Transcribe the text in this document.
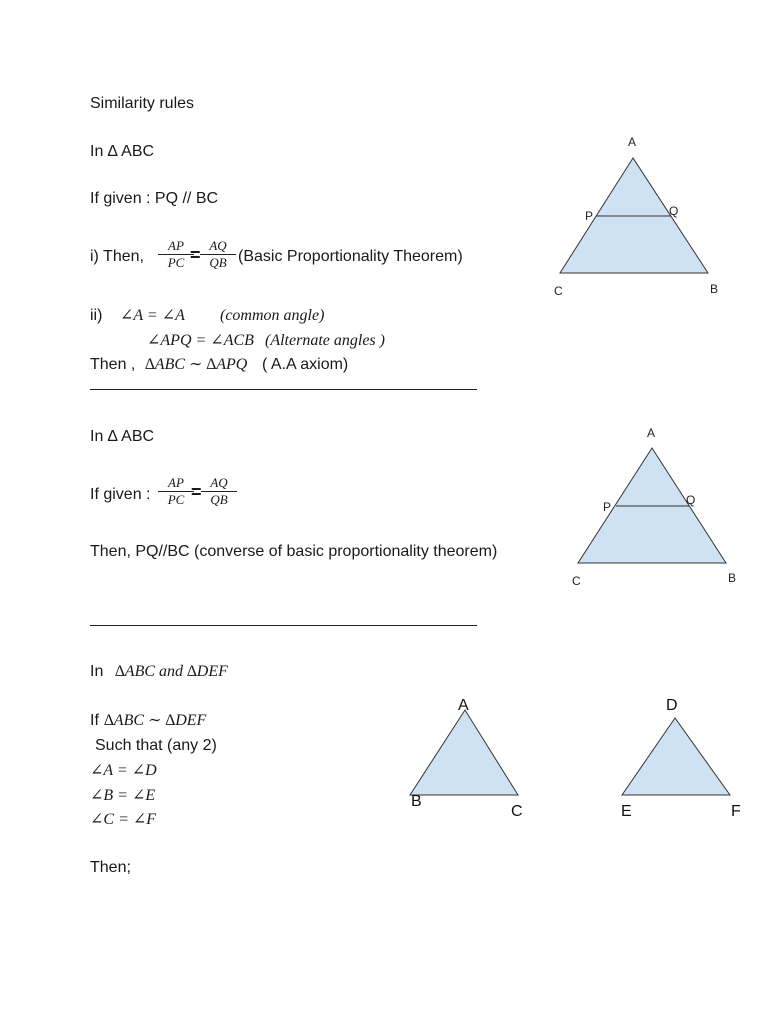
Similarity rules
In ∆ ABC
If given : PQ // BC
i) Then, $\frac{AP}{PC}$
= $\frac{AQ}{QB}$ (Basic Proportionality Theorem)
ii) ∠A = ∠A (common angle)
∠APQ = ∠ACB (Alternate angles )
Then , ∆ABC ∼ ∆APQ ( A.A axiom)
A
P	Q
C	B
In ∆ ABC
If given : $\frac{AP}{PC}$
= $\frac{AQ}{QB}$
Then, PQ//BC (converse of basic proportionality theorem)
A
P	Q
C	B
In ∆ABC and ∆DEF
If ∆ABC ∼ ∆DEF
Such that (any 2)
∠A = ∠D
∠B = ∠E
∠C = ∠F
Then;
A
B
C
D
E	F
